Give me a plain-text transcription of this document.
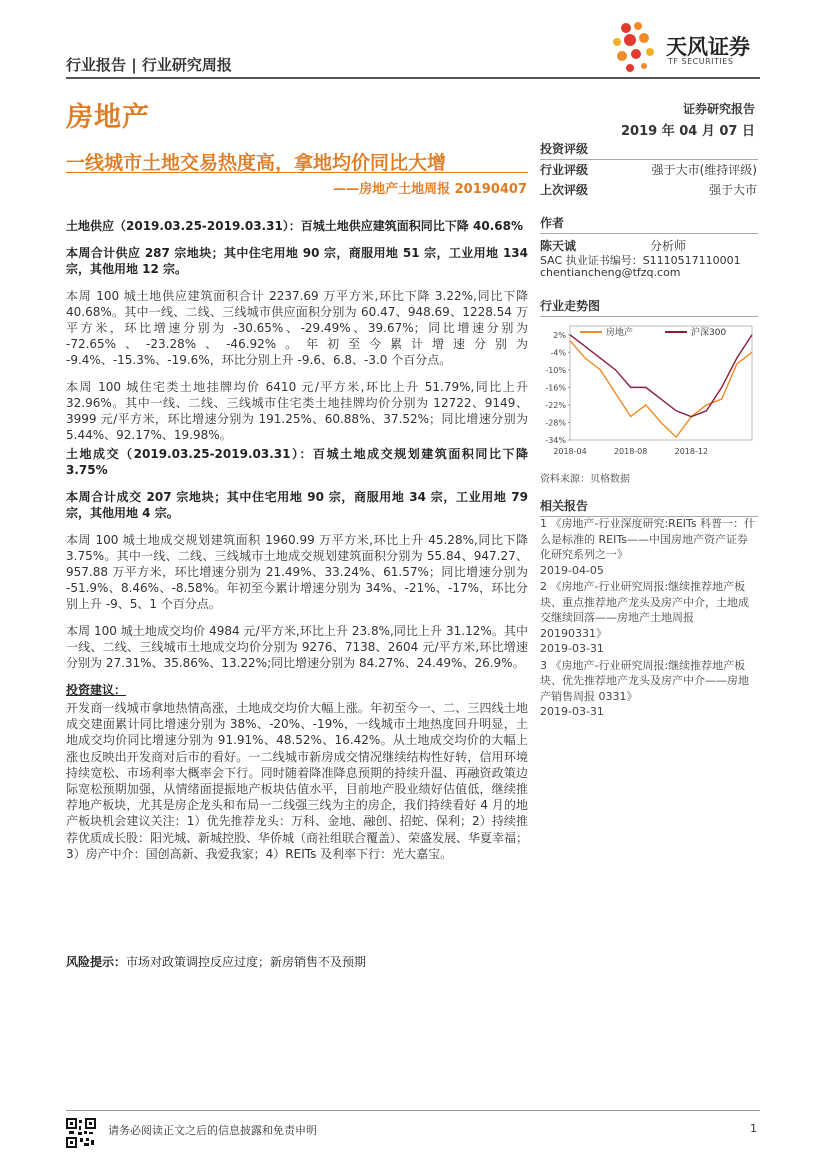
行业报告 | 行业研究周报
天风证券
TF SECURITIES
房地产	证券研究报告
2019 年 04 月 07 日
一线城市土地交易热度高，拿地均价同比大增
——房地产土地周报 20190407
投资评级
行业评级	强于大市(维持评级)
上次评级	强于大市
作者
陈天诚	分析师
SAC 执业证书编号：S1110517110001
chentiancheng@tfzq.com
行业走势图
2%
-4%
-10%
-16%
-22%
-28%
-34%
2018-04	2018-08	2018-12
房地产	沪深300
资料来源：贝格数据
相关报告
1 《房地产-行业深度研究:REITs 科普一：什么是标准的 REITs——中国房地产资产证券化研究系列之一》
2019-04-05
2 《房地产-行业研究周报:继续推荐地产板块、重点推荐地产龙头及房产中介，土地成交继续回落——房地产土地周报 20190331》
2019-03-31
3 《房地产-行业研究周报:继续推荐地产板块、优先推荐地产龙头及房产中介——房地产销售周报 0331》
2019-03-31

土地供应（2019.03.25-2019.03.31）：百城土地供应建筑面积同比下降 40.68%

本周合计供应 287 宗地块；其中住宅用地 90 宗，商服用地 51 宗，工业用地 134 宗，其他用地 12 宗。

本周 100 城土地供应建筑面积合计 2237.69 万平方米,环比下降 3.22%,同比下降 40.68%。其中一线、二线、三线城市供应面积分别为 60.47、948.69、1228.54 万平方米，环比增速分别为 -30.65%、-29.49%、39.67%；同比增速分别为 -72.65%、-23.28%、-46.92%。年初至今累计增速分别为 -9.4%、-15.3%、-19.6%，环比分别上升 -9.6、6.8、-3.0 个百分点。

本周 100 城住宅类土地挂牌均价 6410 元/平方米,环比上升 51.79%,同比上升 32.96%。其中一线、二线、三线城市住宅类土地挂牌均价分别为 12722、9149、3999 元/平方米，环比增速分别为 191.25%、60.88%、37.52%；同比增速分别为 5.44%、92.17%、19.98%。

土地成交（2019.03.25-2019.03.31）：百城土地成交规划建筑面积同比下降 3.75%

本周合计成交 207 宗地块；其中住宅用地 90 宗，商服用地 34 宗，工业用地 79 宗，其他用地 4 宗。

本周 100 城土地成交规划建筑面积 1960.99 万平方米,环比上升 45.28%,同比下降 3.75%。其中一线、二线、三线城市土地成交规划建筑面积分别为 55.84、947.27、957.88 万平方米，环比增速分别为 21.49%、33.24%、61.57%；同比增速分别为 -51.9%、8.46%、-8.58%。年初至今累计增速分别为 34%、-21%、-17%，环比分别上升 -9、5、1 个百分点。

本周 100 城土地成交均价 4984 元/平方米,环比上升 23.8%,同比上升 31.12%。其中一线、二线、三线城市土地成交均价分别为 9276、7138、2604 元/平方米,环比增速分别为 27.31%、35.86%、13.22%;同比增速分别为 84.27%、24.49%、26.9%。

投资建议：

开发商一线城市拿地热情高涨，土地成交均价大幅上涨。年初至今一、二、三四线土地成交建面累计同比增速分别为 38%、-20%、-19%，一线城市土地热度回升明显，土地成交均价同比增速分别为 91.91%、48.52%、16.42%。从土地成交均价的大幅上涨也反映出开发商对后市的看好。一二线城市新房成交情况继续结构性好转，信用环境持续宽松、市场利率大概率会下行。同时随着降准降息预期的持续升温、再融资政策边际宽松预期加强，从情绪面提振地产板块估值水平，目前地产股业绩好估值低，继续推荐地产板块，尤其是房企龙头和布局一二线强三线为主的房企，我们持续看好 4 月的地产板块机会建议关注：1）优先推荐龙头：万科、金地、融创、招蛇、保利；2）持续推荐优质成长股：阳光城、新城控股、华侨城（商社组联合覆盖）、荣盛发展、华夏幸福；3）房产中介：国创高新、我爱我家；4）REITs 及利率下行：光大嘉宝。

风险提示：市场对政策调控反应过度；新房销售不及预期
请务必阅读正文之后的信息披露和免责申明	1
